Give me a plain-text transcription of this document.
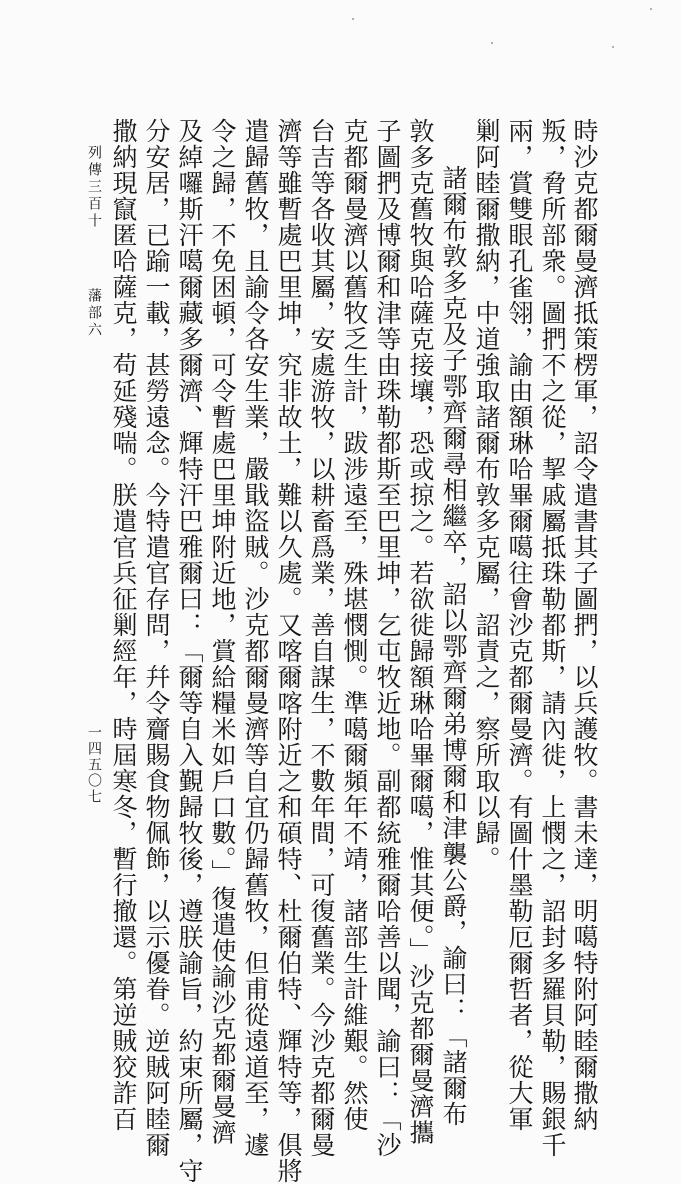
時沙克都爾曼濟抵策楞軍，詔令遣書其子圖捫，以兵護牧。書未達，明噶特附阿睦爾撒納
叛，脅所部衆。圖捫不之從，挈戚屬抵珠勒都斯，請內徙，上憫之，詔封多羅貝勒，賜銀千
兩，賞雙眼孔雀翎，諭由額琳哈畢爾噶往會沙克都爾曼濟。有圖什墨勒厄爾哲者，從大軍
剿阿睦爾撒納，中道強取諸爾布敦多克屬，詔責之，察所取以歸。
諸爾布敦多克及子鄂齊爾尋相繼卒，詔以鄂齊爾弟博爾和津襲公爵，諭曰：「諸爾布
敦多克舊牧與哈薩克接壤，恐或掠之。若欲徙歸額琳哈畢爾噶，惟其便。」沙克都爾曼濟攜
子圖捫及博爾和津等由珠勒都斯至巴里坤，乞屯牧近地。副都統雅爾哈善以聞，諭曰：「沙
克都爾曼濟以舊牧乏生計，跋涉遠至，殊堪憫惻。準噶爾頻年不靖，諸部生計維艱。然使
台吉等各收其屬，安處游牧，以耕畜爲業，善自謀生，不數年間，可復舊業。今沙克都爾曼
濟等雖暫處巴里坤，究非故土，難以久處。又喀爾喀附近之和碩特、杜爾伯特、輝特等，俱將
遣歸舊牧，且諭令各安生業，嚴戢盜賊。沙克都爾曼濟等自宜仍歸舊牧，但甫從遠道至，遽
令之歸，不免困頓，可令暫處巴里坤附近地，賞給糧米如戶口數。」復遣使諭沙克都爾曼濟
及綽囉斯汗噶爾藏多爾濟、輝特汗巴雅爾曰：「爾等自入覲歸牧後，遵朕諭旨，約束所屬，守
分安居，已踰一載，甚勞遠念。今特遣官存問，幷令齎賜食物佩飾，以示優眷。逆賊阿睦爾
撒納現竄匿哈薩克，苟延殘喘。朕遣官兵征剿經年，時屆寒冬，暫行撤還。第逆賊狡詐百
列傳三百十
藩部六
一四五〇七
